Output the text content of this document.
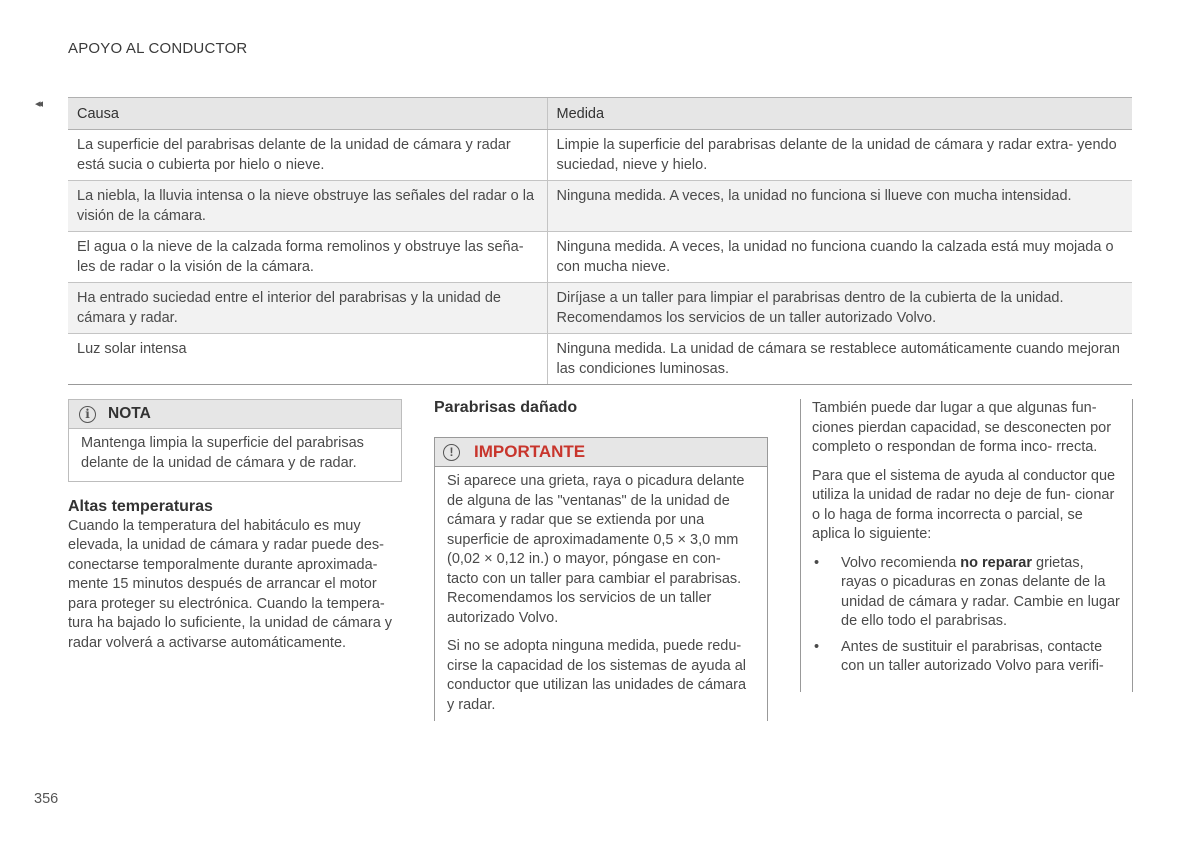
APOYO AL CONDUCTOR
◂◂
Causa	Medida
La superficie del parabrisas delante de la unidad de cámara y radar está sucia o cubierta por hielo o nieve.	Limpie la superficie del parabrisas delante de la unidad de cámara y radar extra- yendo suciedad, nieve y hielo.
La niebla, la lluvia intensa o la nieve obstruye las señales del radar o la visión de la cámara.	Ninguna medida. A veces, la unidad no funciona si llueve con mucha intensidad.
El agua o la nieve de la calzada forma remolinos y obstruye las seña- les de radar o la visión de la cámara.	Ninguna medida. A veces, la unidad no funciona cuando la calzada está muy mojada o con mucha nieve.
Ha entrado suciedad entre el interior del parabrisas y la unidad de cámara y radar.	Diríjase a un taller para limpiar el parabrisas dentro de la cubierta de la unidad. Recomendamos los servicios de un taller autorizado Volvo.
Luz solar intensa	Ninguna medida. La unidad de cámara se restablece automáticamente cuando mejoran las condiciones luminosas.
i	NOTA
Mantenga limpia la superficie del parabrisas delante de la unidad de cámara y de radar.
Altas temperaturas
Cuando la temperatura del habitáculo es muy elevada, la unidad de cámara y radar puede des- conectarse temporalmente durante aproximada- mente 15 minutos después de arrancar el motor para proteger su electrónica. Cuando la tempera- tura ha bajado lo suficiente, la unidad de cámara y radar volverá a activarse automáticamente.
Parabrisas dañado
!	IMPORTANTE

Si aparece una grieta, raya o picadura delante de alguna de las "ventanas" de la unidad de cámara y radar que se extienda por una superficie de aproximadamente 0,5 × 3,0 mm (0,02 × 0,12 in.) o mayor, póngase en con- tacto con un taller para cambiar el parabrisas. Recomendamos los servicios de un taller autorizado Volvo.

Si no se adopta ninguna medida, puede redu- cirse la capacidad de los sistemas de ayuda al conductor que utilizan las unidades de cámara y radar.

También puede dar lugar a que algunas fun- ciones pierdan capacidad, se desconecten por completo o respondan de forma inco- rrecta.

Para que el sistema de ayuda al conductor que utiliza la unidad de radar no deje de fun- cionar o lo haga de forma incorrecta o parcial, se aplica lo siguiente:

• Volvo recomienda no reparar grietas, rayas o picaduras en zonas delante de la unidad de cámara y radar. Cambie en lugar de ello todo el parabrisas.
• Antes de sustituir el parabrisas, contacte con un taller autorizado Volvo para verifi-
356
